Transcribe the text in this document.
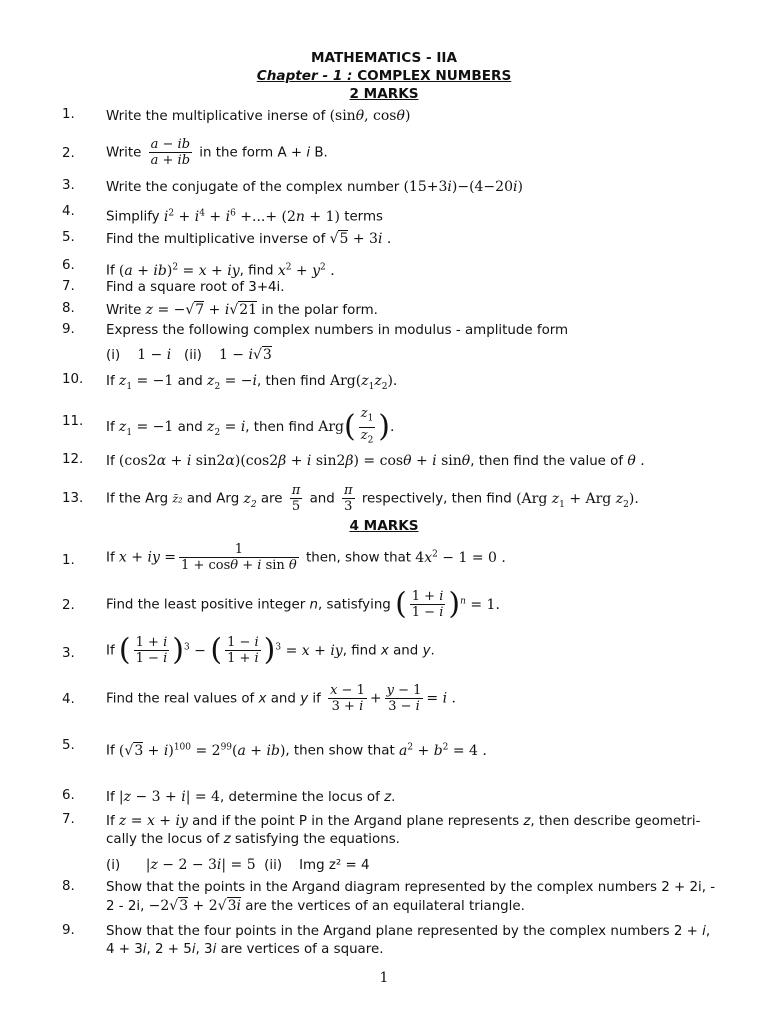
MATHEMATICS - IIA
Chapter - 1 : COMPLEX NUMBERS
2 MARKS
1.	Write the multiplicative inerse of (sinθ, cosθ)
2.	Write $\frac{a - ib}{a + ib}$ in the form A + i B.
3.	Write the conjugate of the complex number (15+3i)−(4−20i)
4.	Simplify $i^2 + i^4 + i^6$ +...+ (2n + 1) terms
5.	Find the multiplicative inverse of √5 + 3i .
6.	If (a + ib)$^2$ = x + iy, find $x^2 + y^2$ .
7.	Find a square root of 3+4i.
8.	Write z = −√7 + i√21 in the polar form.
9.	Express the following complex numbers in modulus - amplitude form
(i) 1 − i (ii) 1 − i√3
10.	If $z_1 = -1$ and $z_2 = -i$, then find $Arg(z_1z_2)$.
11.	If $z_1 = -1$ and $z_2 = i$, then find $Arg( \frac{z_1}{z_2}$ ).
12.	If (cos2α + i sin2α)(cos2β + i sin2β) = cosθ + i sinθ, then find the value of θ .
13.	If the Arg z̄₂ and Arg $z_2$ are $\frac{\pi}{5}$ and $\frac{\pi}{3}$ respectively, then find (Arg $z_1$ + Arg $z_2$).
4 MARKS
1.	If x + iy = $\frac{1}{\text{1 + cosθ + i sin θ}}$ then, show that $4x^2 - 1 = 0$ .
2.	Find the least positive integer n, satisfying ( $\frac{1 + i}{1 - i} )^n = 1$.
3.	If ( $\frac{1 + i}{1 - i} )^3$ − ( $\frac{1 - i}{1 + i} )^3 = x$ + iy, find x and y.
4.	Find the real values of x and y if $\frac{x - 1}{3 + i} + \frac{y - 1}{3 - i} = i$ .
5.	If $(√3 + i)^{100} = 2^{99}(a + ib)$, then show that $a^2 + b^2 = 4$ .
6.	If |z − 3 + i| = 4, determine the locus of z.
7.	If z = x + iy and if the point P in the Argand plane represents z, then describe geometri-
cally the locus of z satisfying the equations.
(i) |z − 2 − 3i| = 5 (ii) Img z² = 4
8.	Show that the points in the Argand diagram represented by the complex numbers 2 + 2i, -
2 - 2i, −2√3 + 2√3i are the vertices of an equilateral triangle.
9.	Show that the four points in the Argand plane represented by the complex numbers 2 + i,
4 + 3i, 2 + 5i, 3i are vertices of a square.
1
